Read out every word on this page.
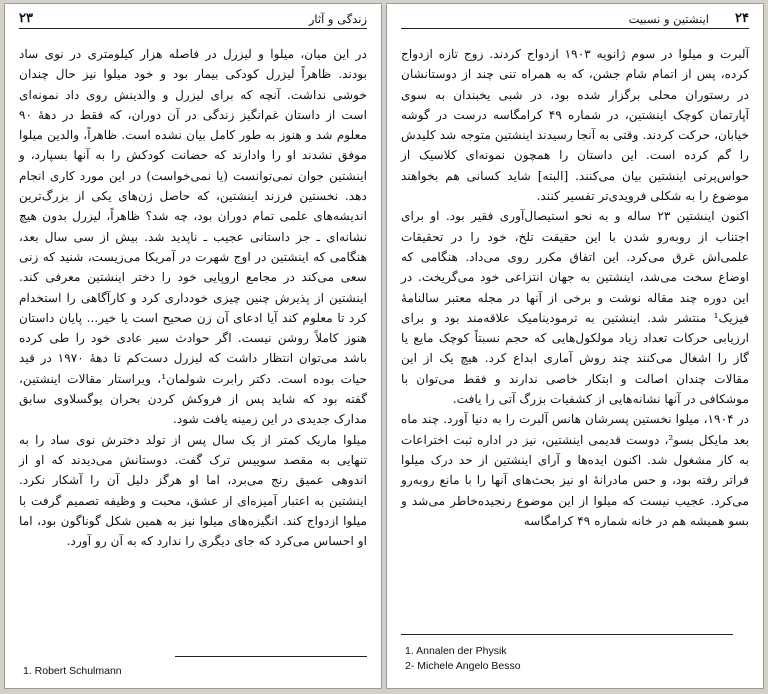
۲۳	زندگی و آثار

در این میان، میلوا و لیزرل در فاصله هزار کیلومتری در نوی ساد بودند. ظاهراً لیزرل کودکی بیمار بود و خود میلوا نیز حال چندان خوشی نداشت. آنچه که برای لیزرل و والدینش روی داد نمونه‌ای است از داستان غم‌انگیز زندگی در آن دوران، که فقط در دههٔ ۹۰ معلوم شد و هنوز به طور کامل بیان نشده است. ظاهراً، والدین میلوا موفق نشدند او را وادارند که حضانت کودکش را به آنها بسپارد، و اینشتین جوان نمی‌توانست (یا نمی‌خواست) در این مورد کاری انجام دهد. نخستین فرزند اینشتین، که حاصل ژن‌های یکی از بزرگ‌ترین اندیشه‌های علمی تمام دوران بود، چه شد؟ ظاهراً، لیزرل بدون هیچ نشانه‌ای ـ جز داستانی عجیب ـ ناپدید شد. بیش از سی سال بعد، هنگامی که اینشتین در اوج شهرت در آمریکا می‌زیست، شنید که زنی سعی می‌کند در مجامع اروپایی خود را دختر اینشتین معرفی کند. اینشتین از پذیرش چنین چیزی خودداری کرد و کارآگاهی را استخدام کرد تا معلوم کند آیا ادعای آن زن صحیح است یا خیر... پایان داستان هنوز کاملاً روشن نیست. اگر حوادث سیر عادی خود را طی کرده باشد می‌توان انتظار داشت که لیزرل دست‌کم تا دههٔ ۱۹۷۰ در قید حیات بوده است. دکتر رابرت شولمان¹، ویراستار مقالات اینشتین، گفته بود که شاید پس از فروکش کردن بحران یوگسلاوی سابق مدارک جدیدی در این زمینه یافت شود.

میلوا ماریک کمتر از یک سال پس از تولد دخترش نوی ساد را به تنهایی به مقصد سوییس ترک گفت. دوستانش می‌دیدند که او از اندوهی عمیق رنج می‌برد، اما او هرگز دلیل آن را آشکار نکرد. اینشتین به اعتبار آمیزه‌ای از عشق، محبت و وظیفه تصمیم گرفت با میلوا ازدواج کند. انگیزه‌های میلوا نیز به همین شکل گوناگون بود، اما او احساس می‌کرد که جای دیگری را ندارد که به آن رو آورد.

1. Robert Schulmann
۲۴
اینشتین و نسبیت

آلبرت و میلوا در سوم ژانویه ۱۹۰۳ ازدواج کردند. زوج تازه ازدواج کرده، پس از اتمام شام جشن، که به همراه تنی چند از دوستانشان در رستوران محلی برگزار شده بود، در شبی یخبندان به سوی آپارتمان کوچک اینشتین، در شماره ۴۹ کرامگاسه درست در گوشه خیابان، حرکت کردند. وقتی به آنجا رسیدند اینشتین متوجه شد کلیدش را گم کرده است. این داستان را همچون نمونه‌ای کلاسیک از حواس‌پرتی اینشتین بیان می‌کنند. [البته] شاید کسانی هم بخواهند موضوع را به شکلی فرویدی‌تر تفسیر کنند.

اکنون اینشتین ۲۳ ساله و به نحو استیصال‌آوری فقیر بود. او برای اجتناب از روبه‌رو شدن با این حقیقت تلخ، خود را در تحقیقات علمی‌اش غرق می‌کرد. این اتفاق مکرر روی می‌داد. هنگامی که اوضاع سخت می‌شد، اینشتین به جهان انتزاعی خود می‌گریخت. در این دوره چند مقاله نوشت و برخی از آنها در مجله معتبر سالنامهٔ فیزیک¹ منتشر شد. اینشتین به ترمودینامیک علاقه‌مند بود و برای ارزیابی حرکات تعداد زیاد مولکول‌هایی که حجم نسبتاً کوچک مایع یا گاز را اشغال می‌کنند چند روش آماری ابداع کرد. هیچ یک از این مقالات چندان اصالت و ابتکار خاصی ندارند و فقط می‌توان با موشکافی در آنها نشانه‌هایی از کشفیات بزرگ آتی را یافت.

در ۱۹۰۴، میلوا نخستین پسرشان هانس آلبرت را به دنیا آورد. چند ماه بعد مایکل بسو²، دوست قدیمی اینشتین، نیز در اداره ثبت اختراعات به کار مشغول شد. اکنون ایده‌ها و آرای اینشتین از حد درک میلوا فراتر رفته بود، و حس مادرانهٔ او نیز بحث‌های آنها را با مانع روبه‌رو می‌کرد. عجیب نیست که میلوا از این موضوع رنجیده‌خاطر می‌شد و بسو همیشه هم در خانه شماره ۴۹ کرامگاسه

1. Annalen der Physik
2- Michele Angelo Besso
